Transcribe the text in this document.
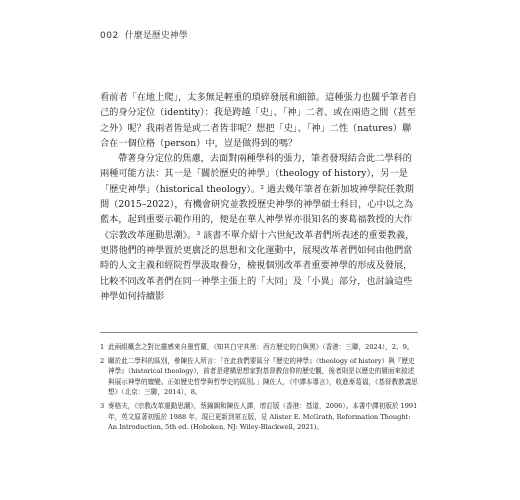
002 什麼是歷史神學

看前者「在地上爬」，太多無足輕重的瑣碎發展和細節。這種張力也關乎筆者自己的身分定位（identity）：我是跨越「史」、「神」二者、或在兩造之間（甚至之外）呢？我兩者皆是或二者皆非呢？想把「史」、「神」二性（natures）聯合在一個位格（person）中，豈是做得到的嗎？

帶著身分定位的焦慮，去面對兩種學科的張力，筆者發現結合此二學科的兩種可能方法：其一是「關於歷史的神學」（theology of history），另一是「歷史神學」（historical theology）。² 過去幾年筆者在新加坡神學院任教期間（2015–2022），有機會研究並教授歷史神學的神學碩士科目，心中以之為藍本，起到重要示範作用的，便是在華人神學界亦很知名的麥葛福教授的大作《宗教改革運動思潮》。³ 該書不單介紹十六世紀改革者們所表述的重要教義，更將他們的神學置於更廣泛的思想和文化運動中，展現改革者們如何由他們當時的人文主義和經院哲學汲取養分，檢視個別改革者重要神學的形成及發展，比較不同改革者們在同一神學主張上的「大同」及「小異」部分，也討論這些神學如何持續影

1 此兩組概念之對比靈感來自墨哲蘭，《知其白守其黑：西方歷史的白與黑》（香港：三聯，2024），2、9。
2 關於此二學科的區別，參陳佐人所言：「在此我們要區分『歷史的神學』（theology of history）與『歷史神學』（historical theology），前者是建構思想家對基督教信仰的歷史觀，後者則是以歷史的層面來敘述與展示神學的嬗變。正如歷史哲學與哲學史的區別。」陳佐人，《中譯本導言》，收進麥葛福，《基督教教義思想》（北京：三聯，2014），8。
3 麥格夫，《宗教改革運動思潮》，蔡錦圖和陳佐人譯，增訂版（香港：基道，2006）。本書中譯初版於 1991 年，英文原著初版於 1988 年，現已更新到第五版，見 Alister E. McGrath, Reformation Thought: An Introduction, 5th ed. (Hoboken, NJ: Wiley-Blackwell, 2021)。
